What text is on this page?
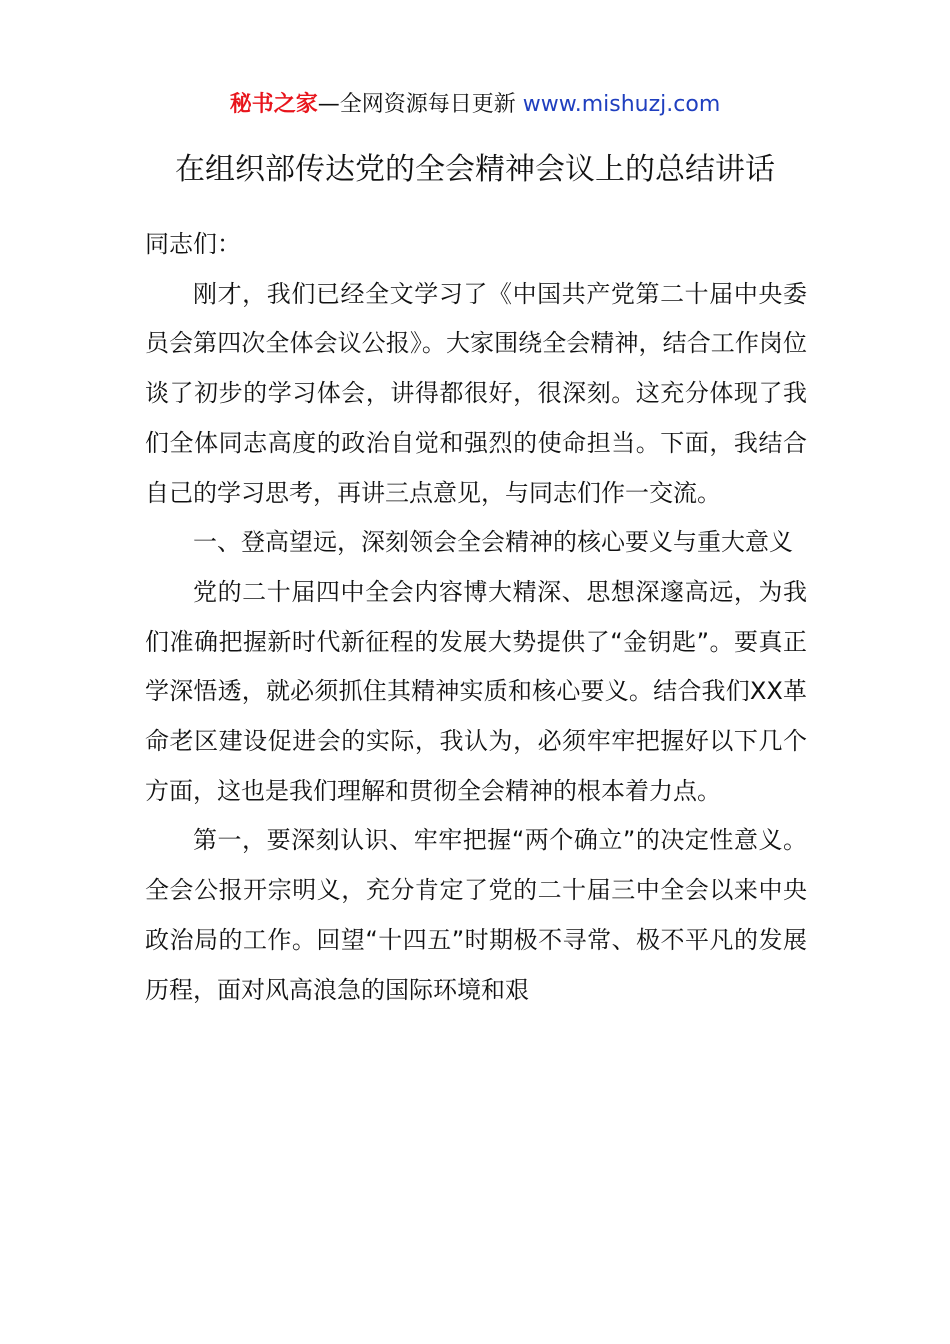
秘书之家—全网资源每日更新 www.mishuzj.com
在组织部传达党的全会精神会议上的总结讲话

同志们：

刚才，我们已经全文学习了《中国共产党第二十届中央委员会第四次全体会议公报》。大家围绕全会精神，结合工作岗位谈了初步的学习体会，讲得都很好，很深刻。这充分体现了我们全体同志高度的政治自觉和强烈的使命担当。下面，我结合自己的学习思考，再讲三点意见，与同志们作一交流。

一、登高望远，深刻领会全会精神的核心要义与重大意义

党的二十届四中全会内容博大精深、思想深邃高远，为我们准确把握新时代新征程的发展大势提供了“金钥匙”。要真正学深悟透，就必须抓住其精神实质和核心要义。结合我们XX革命老区建设促进会的实际，我认为，必须牢牢把握好以下几个方面，这也是我们理解和贯彻全会精神的根本着力点。

第一，要深刻认识、牢牢把握“两个确立”的决定性意义。全会公报开宗明义，充分肯定了党的二十届三中全会以来中央政治局的工作。回望“十四五”时期极不寻常、极不平凡的发展历程，面对风高浪急的国际环境和艰
